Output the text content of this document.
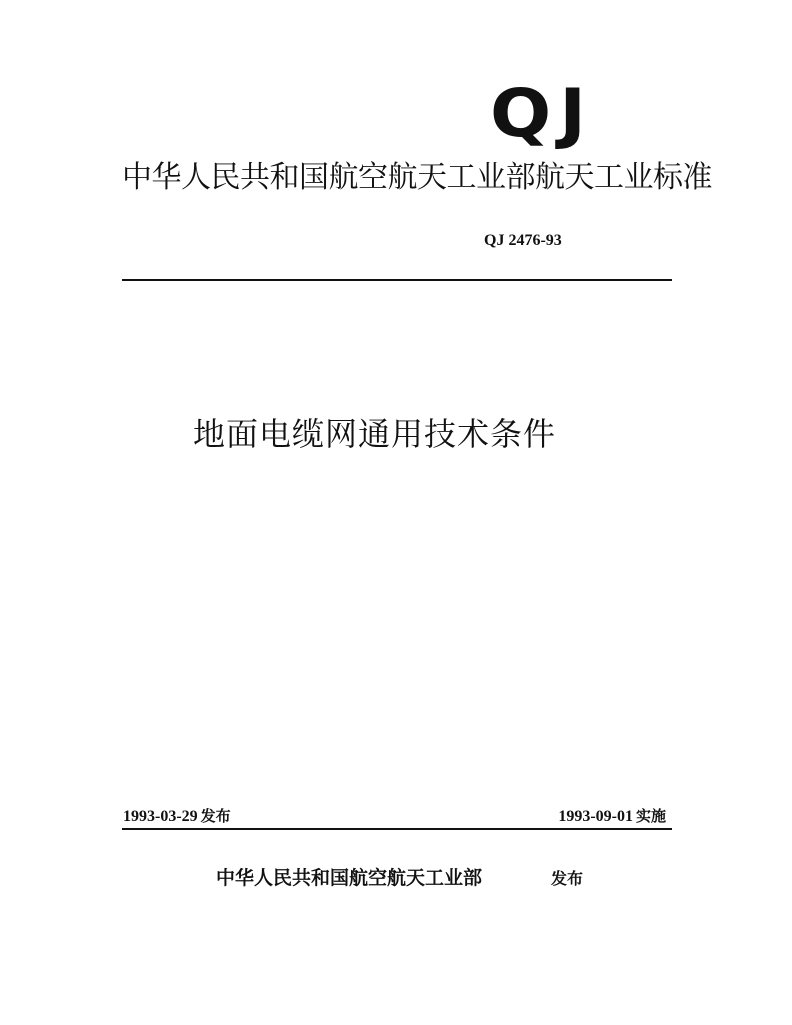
QJ
中华人民共和国航空航天工业部航天工业标准
QJ 2476-93
地面电缆网通用技术条件
1993-03-29 发布	1993-09-01 实施
中华人民共和国航空航天工业部	发布
